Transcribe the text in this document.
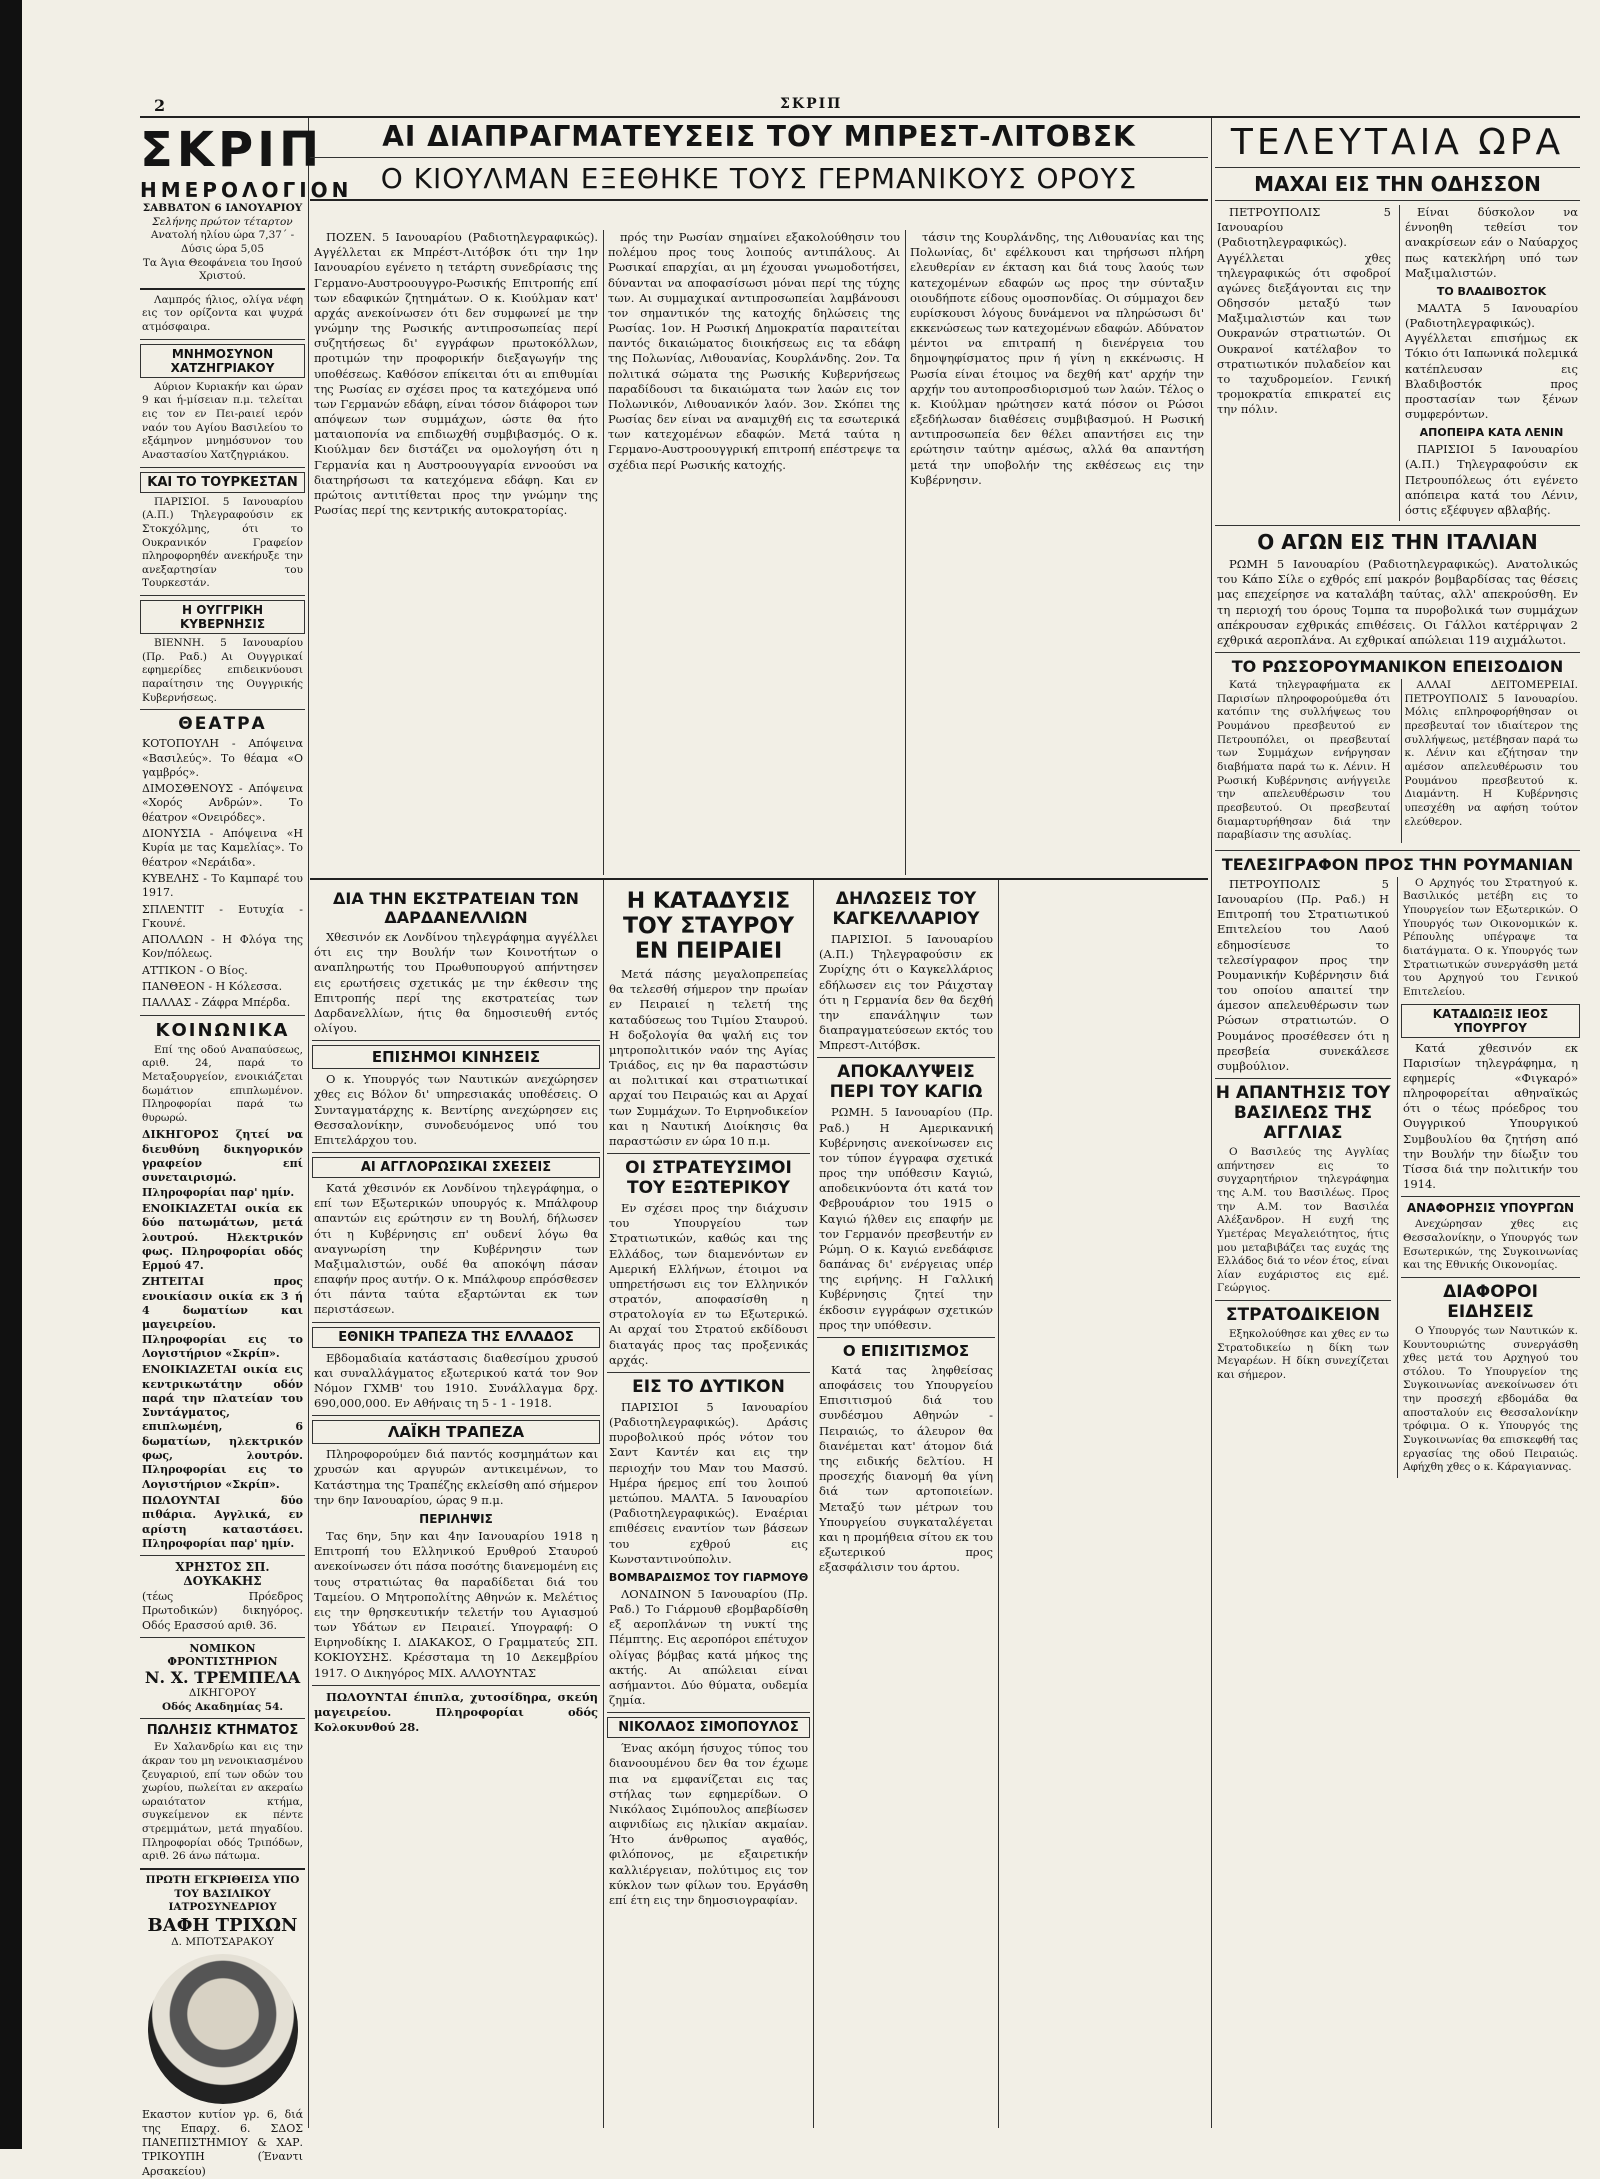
2	ΣΚΡΙΠ
ΣΚΡΙΠ
ΗΜΕΡΟΛΟΓΙΟΝ
ΣΑΒΒΑΤΟΝ 6 ΙΑΝΟΥΑΡΙΟΥ
Σελήνης πρώτον τέταρτον
Ανατολή ηλίου ώρα 7,37΄ - Δύσις ώρα 5,05
Τα Άγια Θεοφάνεια του Ιησού Χριστού.

Λαμπρός ήλιος, ολίγα νέφη εις τον ορίζοντα και ψυχρά ατμόσφαιρα.

ΜΝΗΜΟΣΥΝΟΝ ΧΑΤΖΗΓΡΙΑΚΟΥ

Αύριον Κυριακήν και ώραν 9 και ή-μίσειαν π.μ. τελείται εις τον εν Πει-ραιεί ιερόν ναόν του Αγίου Βασιλείου το εξάμηνον μνημόσυνον του Αναστασίου Χατζηγριάκου.

ΚΑΙ ΤΟ ΤΟΥΡΚΕΣΤΑΝ

ΠΑΡΙΣΙΟΙ. 5 Ιανουαρίου (Α.Π.) Τηλεγραφούσιν εκ Στοκχόλμης, ότι το Ουκρανικόν Γραφείον πληροφορηθέν ανεκήρυξε την ανεξαρτησίαν του Τουρκεστάν.

Η ΟΥΓΓΡΙΚΗ ΚΥΒΕΡΝΗΣΙΣ

ΒΙΕΝΝΗ. 5 Ιανουαρίου (Πρ. Ραδ.) Αι Ουγγρικαί εφημερίδες επιδεικνύουσι παραίτησιν της Ουγγρικής Κυβερνήσεως.

ΘΕΑΤΡΑ
ΚΟΤΟΠΟΥΛΗ - Απόψεινα «Βασιλεύς». Το θέαμα «Ο γαμβρός».
ΔΙΜΟΣΘΕΝΟΥΣ - Απόψεινα «Χορός Ανδρών». Το θέατρον «Ονειρόδες».
ΔΙΟΝΥΣΙΑ - Απόψεινα «Η Κυρία με τας Καμελίας». Το θέατρον «Νεράιδα».
ΚΥΒΕΛΗΣ - Το Καμπαρέ του 1917.
ΣΠΛΕΝΤΙΤ - Ευτυχία - Γκουνέ.
ΑΠΟΛΛΩΝ - Η Φλόγα της Κον/πόλεως.
ΑΤΤΙΚΟΝ - Ο Βίος.
ΠΑΝΘΕΟΝ - Η Κόλεσσα.
ΠΑΛΛΑΣ - Ζάφρα Μπέρδα.
ΚΟΙΝΩΝΙΚΑ

Επί της οδού Αναπαύσεως, αριθ. 24, παρά το Μεταξουργείον, ενοικιάζεται δωμάτιον επιπλωμένον. Πληροφορίαι παρά τω θυρωρώ.

ΔΙΚΗΓΟΡΟΣ ζητεί να διευθύνη δικηγορικόν γραφείον επί συνεταιρισμώ. Πληροφορίαι παρ' ημίν.
ΕΝΟΙΚΙΑΖΕΤΑΙ οικία εκ δύο πατωμάτων, μετά λουτρού. Ηλεκτρικόν φως. Πληροφορίαι οδός Ερμού 47.
ΖΗΤΕΙΤΑΙ προς ενοικίασιν οικία εκ 3 ή 4 δωματίων και μαγειρείου. Πληροφορίαι εις το Λογιστήριον «Σκρίπ».
ΕΝΟΙΚΙΑΖΕΤΑΙ οικία εις κεντρικωτάτην οδόν παρά την πλατείαν του Συντάγματος, επιπλωμένη, 6 δωματίων, ηλεκτρικόν φως, λουτρόν. Πληροφορίαι εις το Λογιστήριον «Σκρίπ».
ΠΩΛΟΥΝΤΑΙ δύο πιθάρια. Αγγλικά, εν αρίστη καταστάσει. Πληροφορίαι παρ' ημίν.
ΧΡΗΣΤΟΣ ΣΠ. ΔΟΥΚΑΚΗΣ
(τέως Πρόεδρος Πρωτοδικών) δικηγόρος. Οδός Ερασσού αριθ. 36.
ΝΟΜΙΚΟΝ ΦΡΟΝΤΙΣΤΗΡΙΟΝ
Ν. Χ. ΤΡΕΜΠΕΛΑ
ΔΙΚΗΓΟΡΟΥ
Οδός Ακαδημίας 54.
ΠΩΛΗΣΙΣ ΚΤΗΜΑΤΟΣ

Εν Χαλανδρίω και εις την άκραν του μη νενοικιασμένου ζευγαριού, επί των οδών του χωρίου, πωλείται εν ακεραίω ωραιότατον κτήμα, συγκείμενον εκ πέντε στρεμμάτων, μετά πηγαδίου. Πληροφορίαι οδός Τριπόδων, αριθ. 26 άνω πάτωμα.

ΠΡΩΤΗ ΕΓΚΡΙΘΕΙΣΑ ΥΠΟ ΤΟΥ ΒΑΣΙΛΙΚΟΥ ΙΑΤΡΟΣΥΝΕΔΡΙΟΥ
ΒΑΦΗ ΤΡΙΧΩΝ
Δ. ΜΠΟΤΣΑΡΑΚΟΥ
Εκαστον κυτίον γρ. 6, διά της Επαρχ. 6. ΣΔΟΣ ΠΑΝΕΠΙΣΤΗΜΙΟΥ & ΧΑΡ. ΤΡΙΚΟΥΠΗ (Έναντι Αρσακείου)
ΑΙ ΔΙΑΠΡΑΓΜΑΤΕΥΣΕΙΣ ΤΟΥ ΜΠΡΕΣΤ-ΛΙΤΟΒΣΚ
Ο ΚΙΟΥΛΜΑΝ ΕΞΕΘΗΚΕ ΤΟΥΣ ΓΕΡΜΑΝΙΚΟΥΣ ΟΡΟΥΣ

ΠΟΖΕΝ. 5 Ιανουαρίου (Ραδιοτηλεγραφικώς). Αγγέλλεται εκ Μπρέστ-Λιτόβσκ ότι την 1ην Ιανουαρίου εγένετο η τετάρτη συνεδρίασις της Γερμανο-Αυστροουγγρο-Ρωσικής Επιτροπής επί των εδαφικών ζητημάτων. Ο κ. Κιούλμαν κατ' αρχάς ανεκοίνωσεν ότι δεν συμφωνεί με την γνώμην της Ρωσικής αντιπροσωπείας περί συζητήσεως δι' εγγράφων πρωτοκόλλων, προτιμών την προφορικήν διεξαγωγήν της υποθέσεως. Καθόσον επίκειται ότι αι επιθυμίαι της Ρωσίας εν σχέσει προς τα κατεχόμενα υπό των Γερμανών εδάφη, είναι τόσον διάφοροι των απόψεων των συμμάχων, ώστε θα ήτο ματαιοπονία να επιδιωχθή συμβιβασμός. Ο κ. Κιούλμαν δεν διστάζει να ομολογήση ότι η Γερμανία και η Αυστροουγγαρία εννοούσι να διατηρήσωσι τα κατεχόμενα εδάφη. Και εν πρώτοις αντιτίθεται προς την γνώμην της Ρωσίας περί της κεντρικής αυτοκρατορίας.

πρός την Ρωσίαν σημαίνει εξακολούθησιν του πολέμου προς τους λοιπούς αντιπάλους. Αι Ρωσικαί επαρχίαι, αι μη έχουσαι γνωμοδοτήσει, δύνανται να αποφασίσωσι μόναι περί της τύχης των. Αι συμμαχικαί αντιπροσωπείαι λαμβάνουσι τον σημαντικόν της κατοχής δηλώσεις της Ρωσίας. 1ον. Η Ρωσική Δημοκρατία παραιτείται παντός δικαιώματος διοικήσεως εις τα εδάφη της Πολωνίας, Λιθουανίας, Κουρλάνδης. 2ον. Τα πολιτικά σώματα της Ρωσικής Κυβερνήσεως παραδίδουσι τα δικαιώματα των λαών εις τον Πολωνικόν, Λιθουανικόν λαόν. 3ον. Σκόπει της Ρωσίας δεν είναι να αναμιχθή εις τα εσωτερικά των κατεχομένων εδαφών. Μετά ταύτα η Γερμανο-Αυστροουγγρική επιτροπή επέστρεψε τα σχέδια περί Ρωσικής κατοχής.

τάσιν της Κουρλάνδης, της Λιθουανίας και της Πολωνίας, δι' εφέλκουσι και τηρήσωσι πλήρη ελευθερίαν εν έκταση και διά τους λαούς των κατεχομένων εδαφών ως προς την σύνταξιν οιουδήποτε είδους ομοσπονδίας. Οι σύμμαχοι δεν ευρίσκουσι λόγους δυνάμενοι να πληρώσωσι δι' εκκενώσεως των κατεχομένων εδαφών. Αδύνατον μέντοι να επιτραπή η διενέργεια του δημοψηφίσματος πριν ή γίνη η εκκένωσις. Η Ρωσία είναι έτοιμος να δεχθή κατ' αρχήν την αρχήν του αυτοπροσδιορισμού των λαών. Τέλος ο κ. Κιούλμαν ηρώτησεν κατά πόσον οι Ρώσοι εξεδήλωσαν διαθέσεις συμβιβασμού. Η Ρωσική αντιπροσωπεία δεν θέλει απαντήσει εις την ερώτησιν ταύτην αμέσως, αλλά θα απαντήση μετά την υποβολήν της εκθέσεως εις την Κυβέρνησιν.

ΔΙΑ ΤΗΝ ΕΚΣΤΡΑΤΕΙΑΝ ΤΩΝ ΔΑΡΔΑΝΕΛΛΙΩΝ

Χθεσινόν εκ Λονδίνου τηλεγράφημα αγγέλλει ότι εις την Βουλήν των Κοινοτήτων ο αναπληρωτής του Πρωθυπουργού απήντησεν εις ερωτήσεις σχετικάς με την έκθεσιν της Επιτροπής περί της εκστρατείας των Δαρδανελλίων, ήτις θα δημοσιευθή εντός ολίγου.

ΕΠΙΣΗΜΟΙ ΚΙΝΗΣΕΙΣ

Ο κ. Υπουργός των Ναυτικών ανεχώρησεν χθες εις Βόλον δι' υπηρεσιακάς υποθέσεις. Ο Συνταγματάρχης κ. Βεντίρης ανεχώρησεν εις Θεσσαλονίκην, συνοδευόμενος υπό του Επιτελάρχου του.

ΑΙ ΑΓΓΛΟΡΩΣΙΚΑΙ ΣΧΕΣΕΙΣ

Κατά χθεσινόν εκ Λονδίνου τηλεγράφημα, ο επί των Εξωτερικών υπουργός κ. Μπάλφουρ απαντών εις ερώτησιν εν τη Βουλή, δήλωσεν ότι η Κυβέρνησις επ' ουδενί λόγω θα αναγνωρίση την Κυβέρνησιν των Μαξιμαλιστών, ουδέ θα αποκόψη πάσαν επαφήν προς αυτήν. Ο κ. Μπάλφουρ επρόσθεσεν ότι πάντα ταύτα εξαρτώνται εκ των περιστάσεων.

ΕΘΝΙΚΗ ΤΡΑΠΕΖΑ ΤΗΣ ΕΛΛΑΔΟΣ

Εβδομαδιαία κατάστασις διαθεσίμου χρυσού και συναλλάγματος εξωτερικού κατά τον 9ον Νόμον ΓΧΜΒ' του 1910. Συνάλλαγμα δρχ. 690,000,000. Εν Αθήναις τη 5 - 1 - 1918.

ΛΑΪΚΗ ΤΡΑΠΕΖΑ

Πληροφορούμεν διά παντός κοσμημάτων και χρυσών και αργυρών αντικειμένων, το Κατάστημα της Τραπέζης εκλείσθη από σήμερον την 6ην Ιανουαρίου, ώρας 9 π.μ.

ΠΕΡΙΛΗΨΙΣ

Τας 6ην, 5ην και 4ην Ιανουαρίου 1918 η Επιτροπή του Ελληνικού Ερυθρού Σταυρού ανεκοίνωσεν ότι πάσα ποσότης διανεμομένη εις τους στρατιώτας θα παραδίδεται διά του Ταμείου. Ο Μητροπολίτης Αθηνών κ. Μελέτιος εις την θρησκευτικήν τελετήν του Αγιασμού των Υδάτων εν Πειραιεί. Υπογραφή: Ο Ειρηνοδίκης Ι. ΔΙΑΚΑΚΟΣ, Ο Γραμματεύς ΣΠ. ΚΟΚΙΟΥΣΗΣ. Κρέσσταμα τη 10 Δεκεμβρίου 1917. Ο Δικηγόρος ΜΙΧ. ΑΛΛΟΥΝΤΑΣ

ΠΩΛΟΥΝΤΑΙ έπιπλα, χυτοσίδηρα, σκεύη μαγειρείου. Πληροφορίαι οδός Κολοκυνθού 28.

Η ΚΑΤΑΔΥΣΙΣ ΤΟΥ ΣΤΑΥΡΟΥ ΕΝ ΠΕΙΡΑΙΕΙ

Μετά πάσης μεγαλοπρεπείας θα τελεσθή σήμερον την πρωίαν εν Πειραιεί η τελετή της καταδύσεως του Τιμίου Σταυρού. Η δοξολογία θα ψαλή εις τον μητροπολιτικόν ναόν της Αγίας Τριάδος, εις ην θα παραστώσιν αι πολιτικαί και στρατιωτικαί αρχαί του Πειραιώς και αι Αρχαί των Συμμάχων. Το Ειρηνοδικείον και η Ναυτική Διοίκησις θα παραστώσιν εν ώρα 10 π.μ.

ΟΙ ΣΤΡΑΤΕΥΣΙΜΟΙ ΤΟΥ ΕΞΩΤΕΡΙΚΟΥ

Εν σχέσει προς την διάχυσιν του Υπουργείου των Στρατιωτικών, καθώς και της Ελλάδος, των διαμενόντων εν Αμερική Ελλήνων, έτοιμοι να υπηρετήσωσι εις τον Ελληνικόν στρατόν, αποφασίσθη η στρατολογία εν τω Εξωτερικώ. Αι αρχαί του Στρατού εκδίδουσι διαταγάς προς τας προξενικάς αρχάς.

ΕΙΣ ΤΟ ΔΥΤΙΚΟΝ

ΠΑΡΙΣΙΟΙ 5 Ιανουαρίου (Ραδιοτηλεγραφικώς). Δράσις πυροβολικού πρός νότον του Σαντ Καντέν και εις την περιοχήν του Μαν του Μασσύ. Ημέρα ήρεμος επί του λοιπού μετώπου. ΜΑΛΤΑ. 5 Ιανουαρίου (Ραδιοτηλεγραφικώς). Εναέριαι επιθέσεις εναντίον των βάσεων του εχθρού εις Κωνσταντινούπολιν.

ΒΟΜΒΑΡΔΙΣΜΟΣ ΤΟΥ ΓΙΑΡΜΟΥΘ

ΛΟΝΔΙΝΟΝ 5 Ιανουαρίου (Πρ. Ραδ.) Το Γιάρμουθ εβομβαρδίσθη εξ αεροπλάνων τη νυκτί της Πέμπτης. Εις αεροπόροι επέτυχον ολίγας βόμβας κατά μήκος της ακτής. Αι απώλειαι είναι ασήμαντοι. Δύο θύματα, ουδεμία ζημία.

ΝΙΚΟΛΑΟΣ ΣΙΜΟΠΟΥΛΟΣ

Ένας ακόμη ήσυχος τύπος του διανοουμένου δεν θα τον έχωμε πια να εμφανίζεται εις τας στήλας των εφημερίδων. Ο Νικόλαος Σιμόπουλος απεβίωσεν αιφνιδίως εις ηλικίαν ακμαίαν. Ήτο άνθρωπος αγαθός, φιλόπονος, με εξαιρετικήν καλλιέργειαν, πολύτιμος εις τον κύκλον των φίλων του. Εργάσθη επί έτη εις την δημοσιογραφίαν.

ΔΗΛΩΣΕΙΣ ΤΟΥ ΚΑΓΚΕΛΛΑΡΙΟΥ

ΠΑΡΙΣΙΟΙ. 5 Ιανουαρίου (Α.Π.) Τηλεγραφούσιν εκ Ζυρίχης ότι ο Καγκελλάριος εδήλωσεν εις τον Ράιχσταγ ότι η Γερμανία δεν θα δεχθή την επανάληψιν των διαπραγματεύσεων εκτός του Μπρεστ-Λιτόβσκ.

ΑΠΟΚΑΛΥΨΕΙΣ ΠΕΡΙ ΤΟΥ ΚΑΓΙΩ

ΡΩΜΗ. 5 Ιανουαρίου (Πρ. Ραδ.) Η Αμερικανική Κυβέρνησις ανεκοίνωσεν εις τον τύπον έγγραφα σχετικά προς την υπόθεσιν Καγιώ, αποδεικνύοντα ότι κατά τον Φεβρουάριον του 1915 ο Καγιώ ήλθεν εις επαφήν με τον Γερμανόν πρεσβευτήν εν Ρώμη. Ο κ. Καγιώ ενεδάφισε δαπάνας δι' ενέργειας υπέρ της ειρήνης. Η Γαλλική Κυβέρνησις ζητεί την έκδοσιν εγγράφων σχετικών προς την υπόθεσιν.

Ο ΕΠΙΣΙΤΙΣΜΟΣ

Κατά τας ληφθείσας αποφάσεις του Υπουργείου Επισιτισμού διά του συνδέσμου Αθηνών - Πειραιώς, το άλευρον θα διανέμεται κατ' άτομον διά της ειδικής δελτίου. Η προσεχής διανομή θα γίνη διά των αρτοποιείων. Μεταξύ των μέτρων του Υπουργείου συγκαταλέγεται και η προμήθεια σίτου εκ του εξωτερικού προς εξασφάλισιν του άρτου.

ΤΕΛΕΥΤΑΙΑ ΩΡΑ
ΜΑΧΑΙ ΕΙΣ ΤΗΝ ΟΔΗΣΣΟΝ

ΠΕΤΡΟΥΠΟΛΙΣ 5 Ιανουαρίου (Ραδιοτηλεγραφικώς). Αγγέλλεται χθες τηλεγραφικώς ότι σφοδροί αγώνες διεξάγονται εις την Οδησσόν μεταξύ των Μαξιμαλιστών και των Ουκρανών στρατιωτών. Οι Ουκρανοί κατέλαβον το στρατιωτικόν πυλαδείον και το ταχυδρομείον. Γενική τρομοκρατία επικρατεί εις την πόλιν.

Είναι δύσκολον να έννοηθη τεθείσι τον ανακρίσεων εάν ο Ναύαρχος πως κατεκλήρη υπό των Μαξιμαλιστών.

ΤΟ ΒΛΑΔΙΒΟΣΤΟΚ

ΜΑΛΤΑ 5 Ιανουαρίου (Ραδιοτηλεγραφικώς). Αγγέλλεται επισήμως εκ Τόκιο ότι Ιαπωνικά πολεμικά κατέπλευσαν εις Βλαδιβοστόκ προς προστασίαν των ξένων συμφερόντων.

ΑΠΟΠΕΙΡΑ ΚΑΤΑ ΛΕΝΙΝ

ΠΑΡΙΣΙΟΙ 5 Ιανουαρίου (Α.Π.) Τηλεγραφούσιν εκ Πετρουπόλεως ότι εγένετο απόπειρα κατά του Λένιν, όστις εξέφυγεν αβλαβής.

Ο ΑΓΩΝ ΕΙΣ ΤΗΝ ΙΤΑΛΙΑΝ

ΡΩΜΗ 5 Ιανουαρίου (Ραδιοτηλεγραφικώς). Ανατολικώς του Κάπο Σίλε ο εχθρός επί μακρόν βομβαρδίσας τας θέσεις μας επεχείρησε να καταλάβη ταύτας, αλλ' απεκρούσθη. Εν τη περιοχή του όρους Τομπα τα πυροβολικά των συμμάχων απέκρουσαν εχθρικάς επιθέσεις. Οι Γάλλοι κατέρριψαν 2 εχθρικά αεροπλάνα. Αι εχθρικαί απώλειαι 119 αιχμάλωτοι.

ΤΟ ΡΩΣΣΟΡΟΥΜΑΝΙΚΟΝ ΕΠΕΙΣΟΔΙΟΝ

Κατά τηλεγραφήματα εκ Παρισίων πληροφορούμεθα ότι κατόπιν της συλλήψεως του Ρουμάνου πρεσβευτού εν Πετρουπόλει, οι πρεσβευταί των Συμμάχων ενήργησαν διαβήματα παρά τω κ. Λένιν. Η Ρωσική Κυβέρνησις ανήγγειλε την απελευθέρωσιν του πρεσβευτού. Οι πρεσβευταί διαμαρτυρήθησαν διά την παραβίασιν της ασυλίας.

ΑΛΛΑΙ ΔΕΙΤΟΜΕΡΕΙΑΙ. ΠΕΤΡΟΥΠΟΛΙΣ 5 Ιανουαρίου. Μόλις επληροφορήθησαν οι πρεσβευταί τον ιδιαίτερον της συλλήψεως, μετέβησαν παρά τω κ. Λένιν και εζήτησαν την αμέσον απελευθέρωσιν του Ρουμάνου πρεσβευτού κ. Διαμάντη. Η Κυβέρνησις υπεσχέθη να αφήση τούτον ελεύθερον.

ΤΕΛΕΣΙΓΡΑΦΟΝ ΠΡΟΣ ΤΗΝ ΡΟΥΜΑΝΙΑΝ

ΠΕΤΡΟΥΠΟΛΙΣ 5 Ιανουαρίου (Πρ. Ραδ.) Η Επιτροπή του Στρατιωτικού Επιτελείου του Λαού εδημοσίευσε το τελεσίγραφον προς την Ρουμανικήν Κυβέρνησιν διά του οποίου απαιτεί την άμεσον απελευθέρωσιν των Ρώσων στρατιωτών. Ο Ρουμάνος προσέθεσεν ότι η πρεσβεία συνεκάλεσε συμβούλιον.

Η ΑΠΑΝΤΗΣΙΣ ΤΟΥ ΒΑΣΙΛΕΩΣ ΤΗΣ ΑΓΓΛΙΑΣ

Ο Βασιλεύς της Αγγλίας απήντησεν εις το συγχαρητήριον τηλεγράφημα της Α.Μ. του Βασιλέως. Προς την Α.Μ. τον Βασιλέα Αλέξανδρον. Η ευχή της Υμετέρας Μεγαλειότητος, ήτις μου μεταβιβάζει τας ευχάς της Ελλάδος διά το νέον έτος, είναι λίαν ευχάριστος εις εμέ. Γεώργιος.

ΣΤΡΑΤΟΔΙΚΕΙΟΝ

Εξηκολούθησε και χθες εν τω Στρατοδικείω η δίκη των Μεγαρέων. Η δίκη συνεχίζεται και σήμερον.

Ο Αρχηγός του Στρατηγού κ. Βασιλικός μετέβη εις το Υπουργείον των Εξωτερικών. Ο Υπουργός των Οικονομικών κ. Ρέπουλης υπέγραψε τα διατάγματα. Ο κ. Υπουργός των Στρατιωτικών συνεργάσθη μετά του Αρχηγού του Γενικού Επιτελείου.

ΚΑΤΑΔΙΩΞΙΣ ΙΕΟΣ ΥΠΟΥΡΓΟΥ

Κατά χθεσινόν εκ Παρισίων τηλεγράφημα, η εφημερίς «Φιγκαρό» πληροφορείται αθηναϊκώς ότι ο τέως πρόεδρος του Ουγγρικού Υπουργικού Συμβουλίου θα ζητήση από την Βουλήν την δίωξιν του Τίσσα διά την πολιτικήν του 1914.

ΑΝΑΦΟΡΗΣΙΣ ΥΠΟΥΡΓΩΝ

Ανεχώρησαν χθες εις Θεσσαλονίκην, ο Υπουργός των Εσωτερικών, της Συγκοινωνίας και της Εθνικής Οικονομίας.

ΔΙΑΦΟΡΟΙ ΕΙΔΗΣΕΙΣ

Ο Υπουργός των Ναυτικών κ. Κουντουριώτης συνεργάσθη χθες μετά του Αρχηγού του στόλου. Το Υπουργείον της Συγκοινωνίας ανεκοίνωσεν ότι την προσεχή εβδομάδα θα αποσταλούν εις Θεσσαλονίκην τρόφιμα. Ο κ. Υπουργός της Συγκοινωνίας θα επισκεφθή τας εργασίας της οδού Πειραιώς. Αφήχθη χθες ο κ. Κάραγιαννας.
